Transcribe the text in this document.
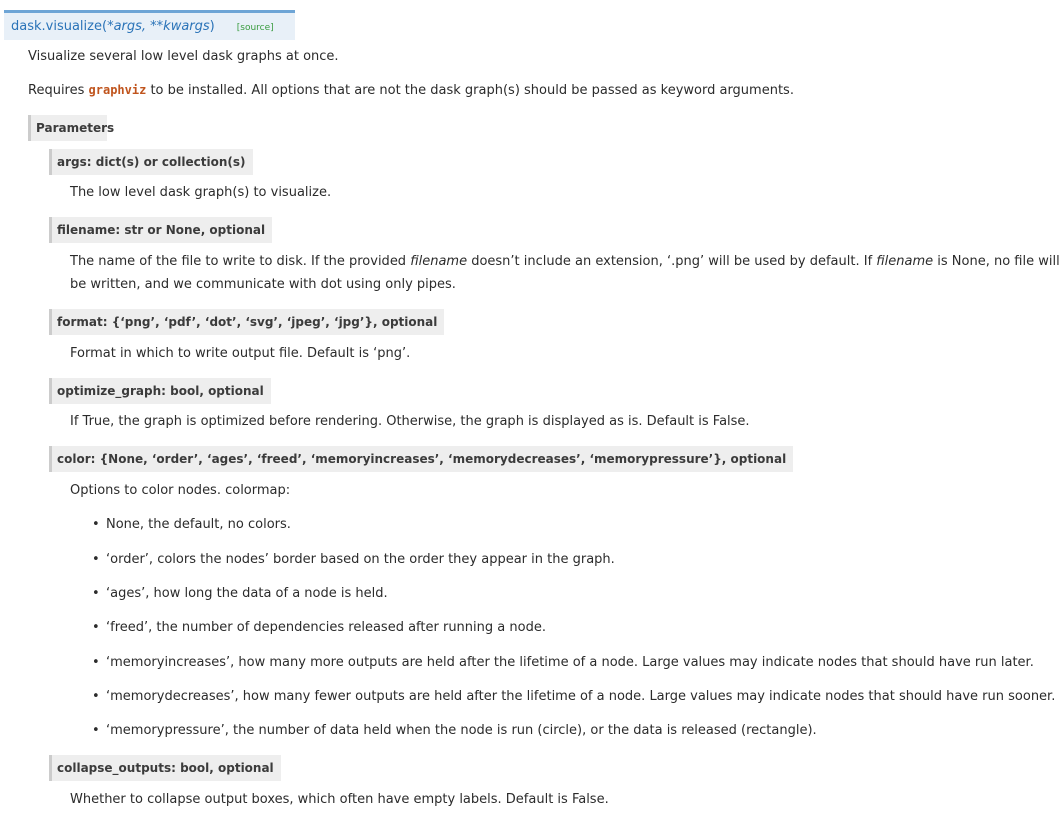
dask.visualize( *args, **kwargs ) [source]
Visualize several low level dask graphs at once.
Requires graphviz to be installed. All options that are not the dask graph(s) should be passed as keyword arguments.
Parameters
args: dict(s) or collection(s)
The low level dask graph(s) to visualize.
filename: str or None, optional
The name of the file to write to disk. If the provided filename doesn’t include an extension, ‘.png’ will be used by default. If filename is None, no file will
be written, and we communicate with dot using only pipes.
format: {‘png’, ‘pdf’, ‘dot’, ‘svg’, ‘jpeg’, ‘jpg’}, optional
Format in which to write output file. Default is ‘png’.
optimize_graph: bool, optional
If True, the graph is optimized before rendering. Otherwise, the graph is displayed as is. Default is False.
color: {None, ‘order’, ‘ages’, ‘freed’, ‘memoryincreases’, ‘memorydecreases’, ‘memorypressure’}, optional
Options to color nodes. colormap:
• None, the default, no colors.
• ‘order’, colors the nodes’ border based on the order they appear in the graph.
• ‘ages’, how long the data of a node is held.
• ‘freed’, the number of dependencies released after running a node.
• ‘memoryincreases’, how many more outputs are held after the lifetime of a node. Large values may indicate nodes that should have run later.
• ‘memorydecreases’, how many fewer outputs are held after the lifetime of a node. Large values may indicate nodes that should have run sooner.
• ‘memorypressure’, the number of data held when the node is run (circle), or the data is released (rectangle).
collapse_outputs: bool, optional
Whether to collapse output boxes, which often have empty labels. Default is False.
